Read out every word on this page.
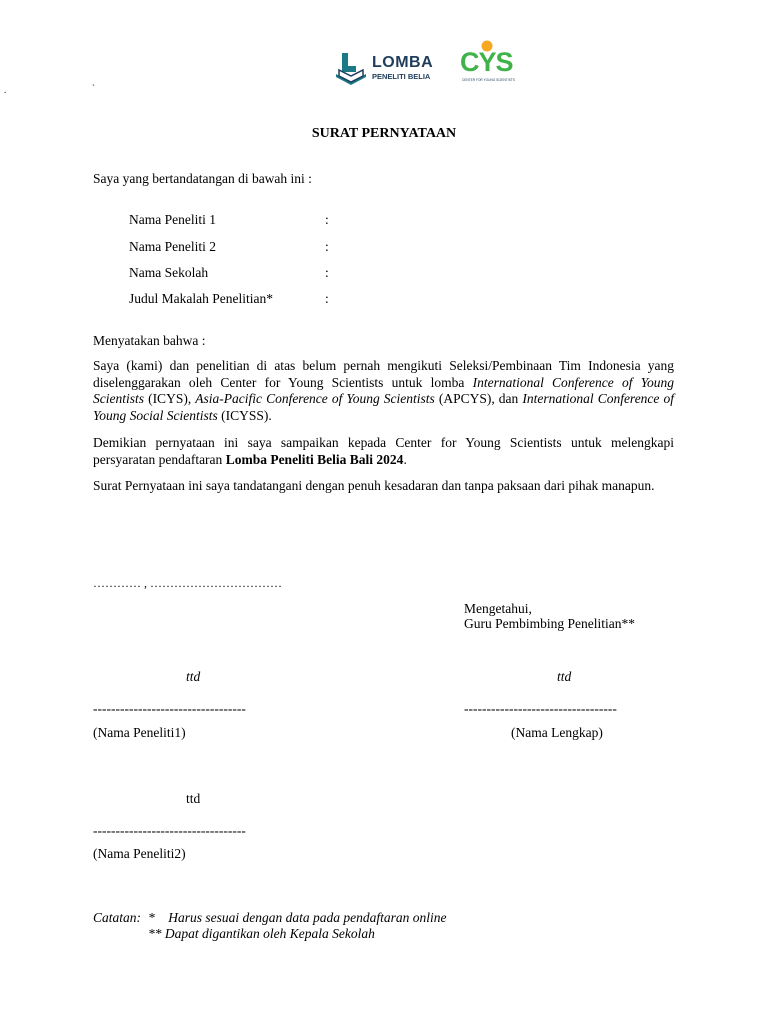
.	`
LOMBA
PENELITI BELIA CYS
CENTER FOR YOUNG SCIENTISTS
SURAT PERNYATAAN
Saya yang bertandatangan di bawah ini :
Nama Peneliti 1	:
Nama Peneliti 2	:
Nama Sekolah	:
Judul Makalah Penelitian*	:
Menyatakan bahwa :
Saya (kami) dan penelitian di atas belum pernah mengikuti Seleksi/Pembinaan Tim Indonesia yang diselenggarakan oleh Center for Young Scientists untuk lomba International Conference of Young Scientists (ICYS), Asia-Pacific Conference of Young Scientists (APCYS), dan International Conference of Young Social Scientists (ICYSS).
Demikian pernyataan ini saya sampaikan kepada Center for Young Scientists untuk melengkapi persyaratan pendaftaran Lomba Peneliti Belia Bali 2024.
Surat Pernyataan ini saya tandatangani dengan penuh kesadaran dan tanpa paksaan dari pihak manapun.
………… , ……………………………
Mengetahui,
Guru Pembimbing Penelitian**
ttd	ttd
----------------------------------	----------------------------------
(Nama Peneliti1)	(Nama Lengkap)
ttd
----------------------------------
(Nama Peneliti2)
Catatan: *    Harus sesuai dengan data pada pendaftaran online
** Dapat digantikan oleh Kepala Sekolah
